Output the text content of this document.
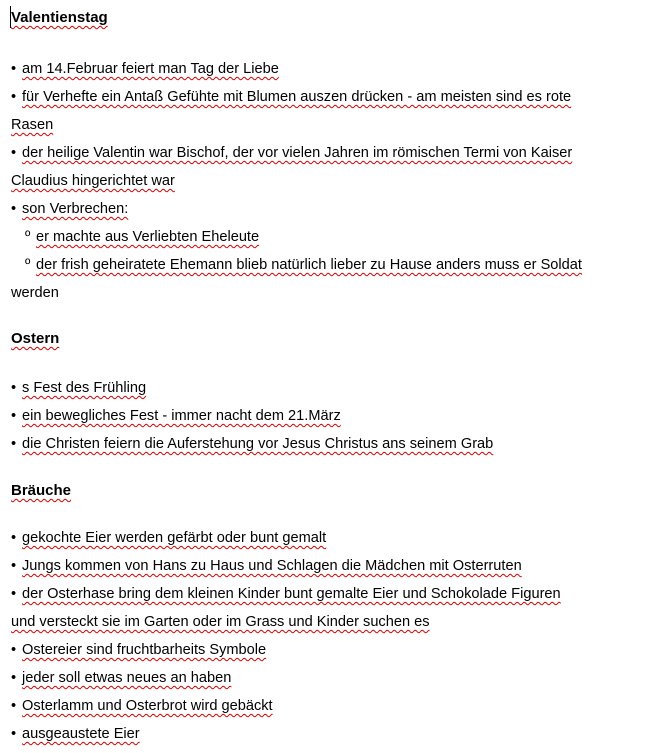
Valentienstag

• am 14.Februar feiert man Tag der Liebe

• für Verhefte ein Antaß Gefühte mit Blumen auszen drücken - am meisten sind es rote

Rasen

• der heilige Valentin war Bischof, der vor vielen Jahren im römischen Termi von Kaiser

Claudius hingerichtet war

• son Verbrechen:

º er machte aus Verliebten Eheleute

º der frish geheiratete Ehemann blieb natürlich lieber zu Hause anders muss er Soldat

werden

Ostern

• s Fest des Frühling

• ein bewegliches Fest - immer nacht dem 21.März

• die Christen feiern die Auferstehung vor Jesus Christus ans seinem Grab

Bräuche

• gekochte Eier werden gefärbt oder bunt gemalt

• Jungs kommen von Hans zu Haus und Schlagen die Mädchen mit Osterruten

• der Osterhase bring dem kleinen Kinder bunt gemalte Eier und Schokolade Figuren

und versteckt sie im Garten oder im Grass und Kinder suchen es

• Ostereier sind fruchtbarheits Symbole

• jeder soll etwas neues an haben

• Osterlamm und Osterbrot wird gebäckt

• ausgeaustete Eier
